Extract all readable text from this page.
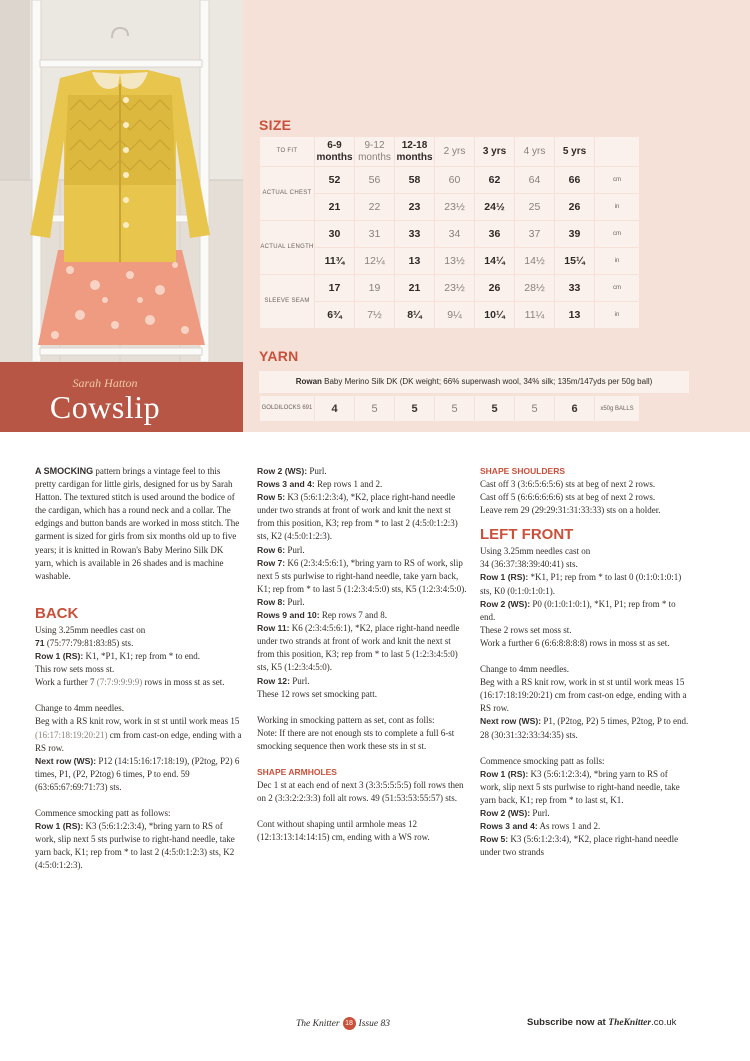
Sarah Hatton
Cowslip
SIZE
TO FIT	6-9 months	9-12 months	12-18 months	2 yrs	3 yrs	4 yrs	5 yrs	
ACTUAL CHEST	52	56	58	60	62	64	66	cm
	21	22	23	23½	24½	25	26	in
ACTUAL LENGTH	30	31	33	34	36	37	39	cm
	11¾	12¼	13	13½	14¼	14½	15¼	in
SLEEVE SEAM	17	19	21	23½	26	28½	33	cm
	6¾	7½	8¼	9¼	10¼	11¼	13	in
YARN
Rowan Baby Merino Silk DK (DK weight; 66% superwash wool, 34% silk; 135m/147yds per 50g ball)
GOLDILOCKS 691	4	5	5	5	5	5	6	x50g BALLS

A SMOCKING pattern brings a vintage feel to this pretty cardigan for little girls, designed for us by Sarah Hatton. The textured stitch is used around the bodice of the cardigan, which has a round neck and a collar. The edgings and button bands are worked in moss stitch. The garment is sized for girls from six months old up to five years; it is knitted in Rowan's Baby Merino Silk DK yarn, which is available in 26 shades and is machine washable.

BACK

Using 3.25mm needles cast on

71 (75:77:79:81:83:85) sts.

Row 1 (RS): K1, *P1, K1; rep from * to end.

This row sets moss st.

Work a further 7 (7:7:9:9:9:9) rows in moss st as set.

Change to 4mm needles.

Beg with a RS knit row, work in st st until work meas 15 (16:17:18:19:20:21) cm from cast-on edge, ending with a RS row.

Next row (WS): P12 (14:15:16:17:18:19), (P2tog, P2) 6 times, P1, (P2, P2tog) 6 times, P to end. 59 (63:65:67:69:71:73) sts.

Commence smocking patt as follows:

Row 1 (RS): K3 (5:6:1:2:3:4), *bring yarn to RS of work, slip next 5 sts purlwise to right-hand needle, take yarn back, K1; rep from * to last 2 (4:5:0:1:2:3) sts, K2 (4:5:0:1:2:3).

Row 2 (WS): Purl.

Rows 3 and 4: Rep rows 1 and 2.

Row 5: K3 (5:6:1:2:3:4), *K2, place right-hand needle under two strands at front of work and knit the next st from this position, K3; rep from * to last 2 (4:5:0:1:2:3) sts, K2 (4:5:0:1:2:3).

Row 6: Purl.

Row 7: K6 (2:3:4:5:6:1), *bring yarn to RS of work, slip next 5 sts purlwise to right-hand needle, take yarn back, K1; rep from * to last 5 (1:2:3:4:5:0) sts, K5 (1:2:3:4:5:0).

Row 8: Purl.

Rows 9 and 10: Rep rows 7 and 8.

Row 11: K6 (2:3:4:5:6:1), *K2, place right-hand needle under two strands at front of work and knit the next st from this position, K3; rep from * to last 5 (1:2:3:4:5:0) sts, K5 (1:2:3:4:5:0).

Row 12: Purl.

These 12 rows set smocking patt.

Working in smocking pattern as set, cont as folls:

Note: If there are not enough sts to complete a full 6-st smocking sequence then work these sts in st st.

SHAPE ARMHOLES

Dec 1 st at each end of next 3 (3:3:5:5:5:5) foll rows then on 2 (3:3:2:2:3:3) foll alt rows. 49 (51:53:53:55:57) sts.

Cont without shaping until armhole meas 12 (12:13:13:14:14:15) cm, ending with a WS row.

SHAPE SHOULDERS

Cast off 3 (3:6:5:6:5:6) sts at beg of next 2 rows.

Cast off 5 (6:6:6:6:6:6) sts at beg of next 2 rows.

Leave rem 29 (29:29:31:31:33:33) sts on a holder.

LEFT FRONT

Using 3.25mm needles cast on

34 (36:37:38:39:40:41) sts.

Row 1 (RS): *K1, P1; rep from * to last 0 (0:1:0:1:0:1) sts, K0 (0:1:0:1:0:1).

Row 2 (WS): P0 (0:1:0:1:0:1), *K1, P1; rep from * to end.

These 2 rows set moss st.

Work a further 6 (6:6:8:8:8:8) rows in moss st as set.

Change to 4mm needles.

Beg with a RS knit row, work in st st until work meas 15 (16:17:18:19:20:21) cm from cast-on edge, ending with a RS row.

Next row (WS): P1, (P2tog, P2) 5 times, P2tog, P to end.

28 (30:31:32:33:34:35) sts.

Commence smocking patt as folls:

Row 1 (RS): K3 (5:6:1:2:3:4), *bring yarn to RS of work, slip next 5 sts purlwise to right-hand needle, take yarn back, K1; rep from * to last st, K1.

Row 2 (WS): Purl.

Rows 3 and 4: As rows 1 and 2.

Row 5: K3 (5:6:1:2:3:4), *K2, place right-hand needle under two strands

The Knitter 18 Issue 83	Subscribe now at TheKnitter.co.uk
